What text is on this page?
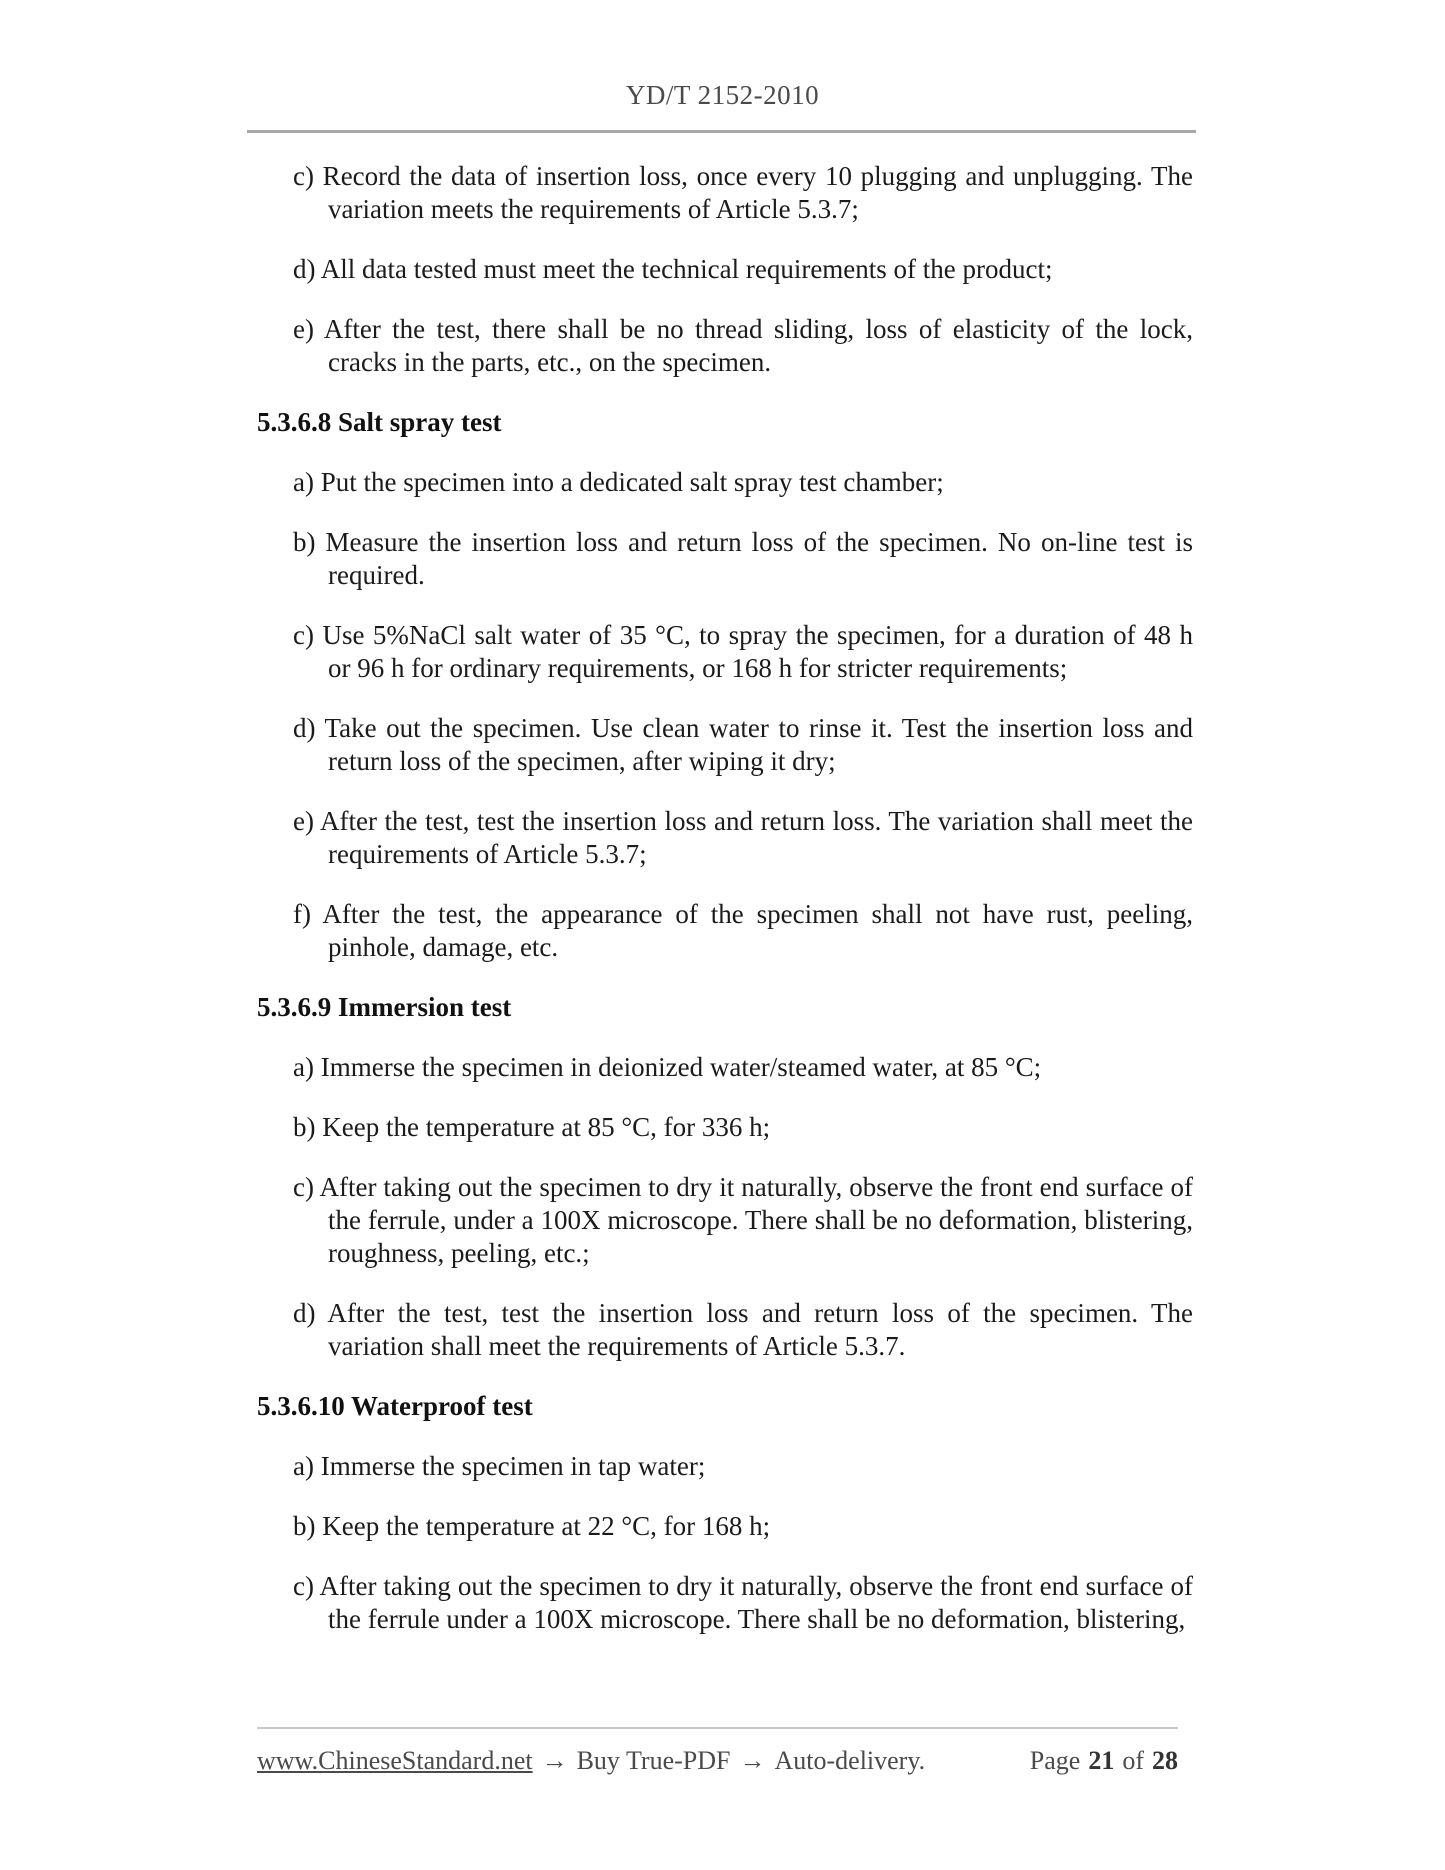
YD/T 2152-2010

c) Record the data of insertion loss, once every 10 plugging and unplugging. The variation meets the requirements of Article 5.3.7;

d) All data tested must meet the technical requirements of the product;

e) After the test, there shall be no thread sliding, loss of elasticity of the lock, cracks in the parts, etc., on the specimen.

5.3.6.8 Salt spray test

a) Put the specimen into a dedicated salt spray test chamber;

b) Measure the insertion loss and return loss of the specimen. No on-line test is required.

c) Use 5%NaCl salt water of 35 °C, to spray the specimen, for a duration of 48 h or 96 h for ordinary requirements, or 168 h for stricter requirements;

d) Take out the specimen. Use clean water to rinse it. Test the insertion loss and return loss of the specimen, after wiping it dry;

e) After the test, test the insertion loss and return loss. The variation shall meet the requirements of Article 5.3.7;

f) After the test, the appearance of the specimen shall not have rust, peeling, pinhole, damage, etc.

5.3.6.9 Immersion test

a) Immerse the specimen in deionized water/steamed water, at 85 °C;

b) Keep the temperature at 85 °C, for 336 h;

c) After taking out the specimen to dry it naturally, observe the front end surface of the ferrule, under a 100X microscope. There shall be no deformation, blistering, roughness, peeling, etc.;

d) After the test, test the insertion loss and return loss of the specimen. The variation shall meet the requirements of Article 5.3.7.

5.3.6.10 Waterproof test

a) Immerse the specimen in tap water;

b) Keep the temperature at 22 °C, for 168 h;

c) After taking out the specimen to dry it naturally, observe the front end surface of the ferrule under a 100X microscope. There shall be no deformation, blistering,

www.ChineseStandard.net → Buy True-PDF → Auto-delivery.	Page 21 of 28
